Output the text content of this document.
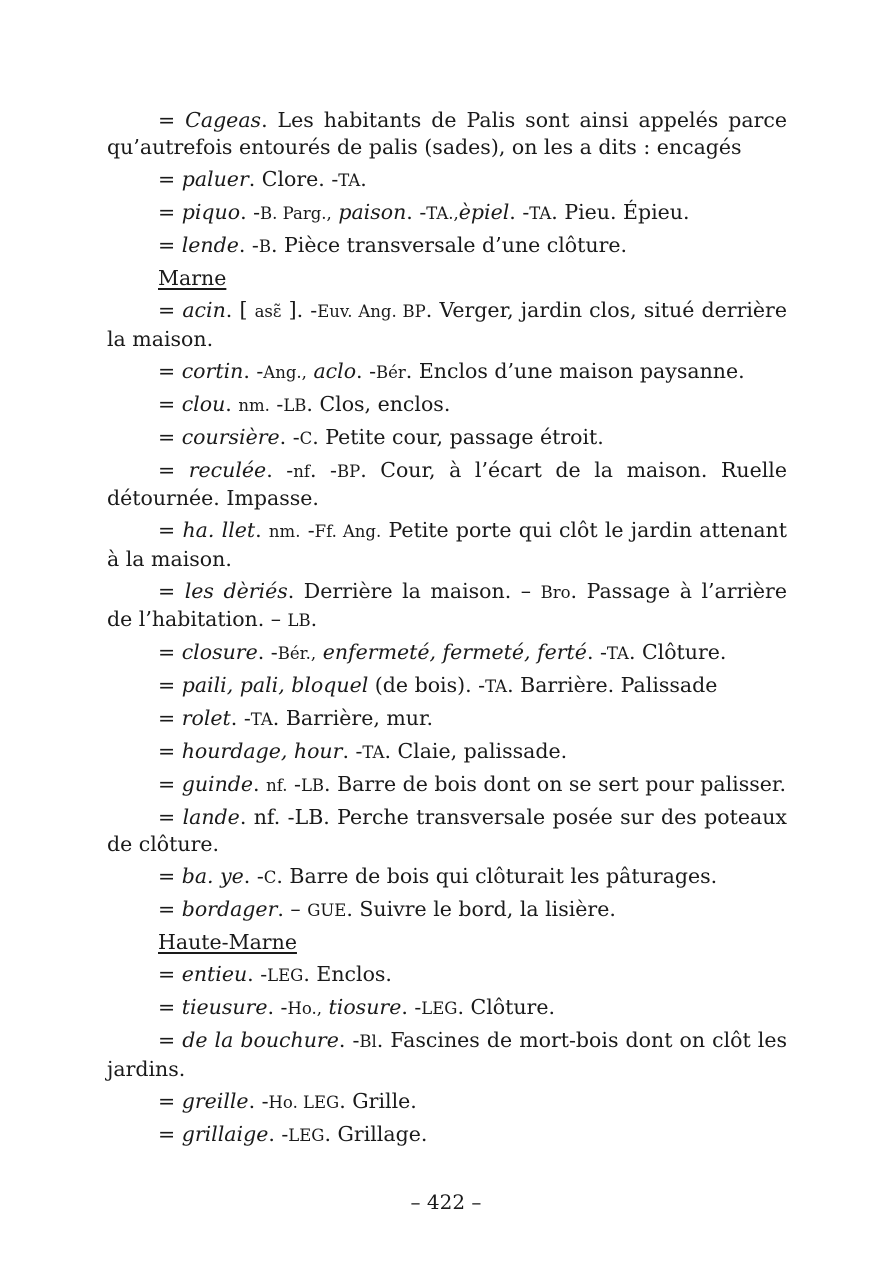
= Cageas. Les habitants de Palis sont ainsi appelés parce qu’autrefois entourés de palis (sades), on les a dits : encagés

= paluer. Clore. -TA.

= piquo. -B. Parg., paison. -TA.,èpiel. -TA. Pieu. Épieu.

= lende. -B. Pièce transversale d’une clôture.

Marne

= acin. [ asɛ̃ ]. -Euv. Ang. BP. Verger, jardin clos, situé derrière la maison.

= cortin. -Ang., aclo. -Bér. Enclos d’une maison paysanne.

= clou. nm. -LB. Clos, enclos.

= coursière. -C. Petite cour, passage étroit.

= reculée. -nf. -BP. Cour, à l’écart de la maison. Ruelle détournée. Impasse.

= ha. llet. nm. -Ff. Ang. Petite porte qui clôt le jardin attenant à la maison.

= les dèriés. Derrière la maison. – Bro. Passage à l’arrière de l’habitation. – LB.

= closure. -Bér., enfermeté, fermeté, ferté. -TA. Clôture.

= paili, pali, bloquel (de bois). -TA. Barrière. Palissade

= rolet. -TA. Barrière, mur.

= hourdage, hour. -TA. Claie, palissade.

= guinde. nf. -LB. Barre de bois dont on se sert pour palisser.

= lande. nf. -LB. Perche transversale posée sur des poteaux de clôture.

= ba. ye. -C. Barre de bois qui clôturait les pâturages.

= bordager. – GUE. Suivre le bord, la lisière.

Haute-Marne

= entieu. -LEG. Enclos.

= tieusure. -Ho., tiosure. -LEG. Clôture.

= de la bouchure. -Bl. Fascines de mort-bois dont on clôt les jardins.

= greille. -Ho. LEG. Grille.

= grillaige. -LEG. Grillage.

– 422 –
